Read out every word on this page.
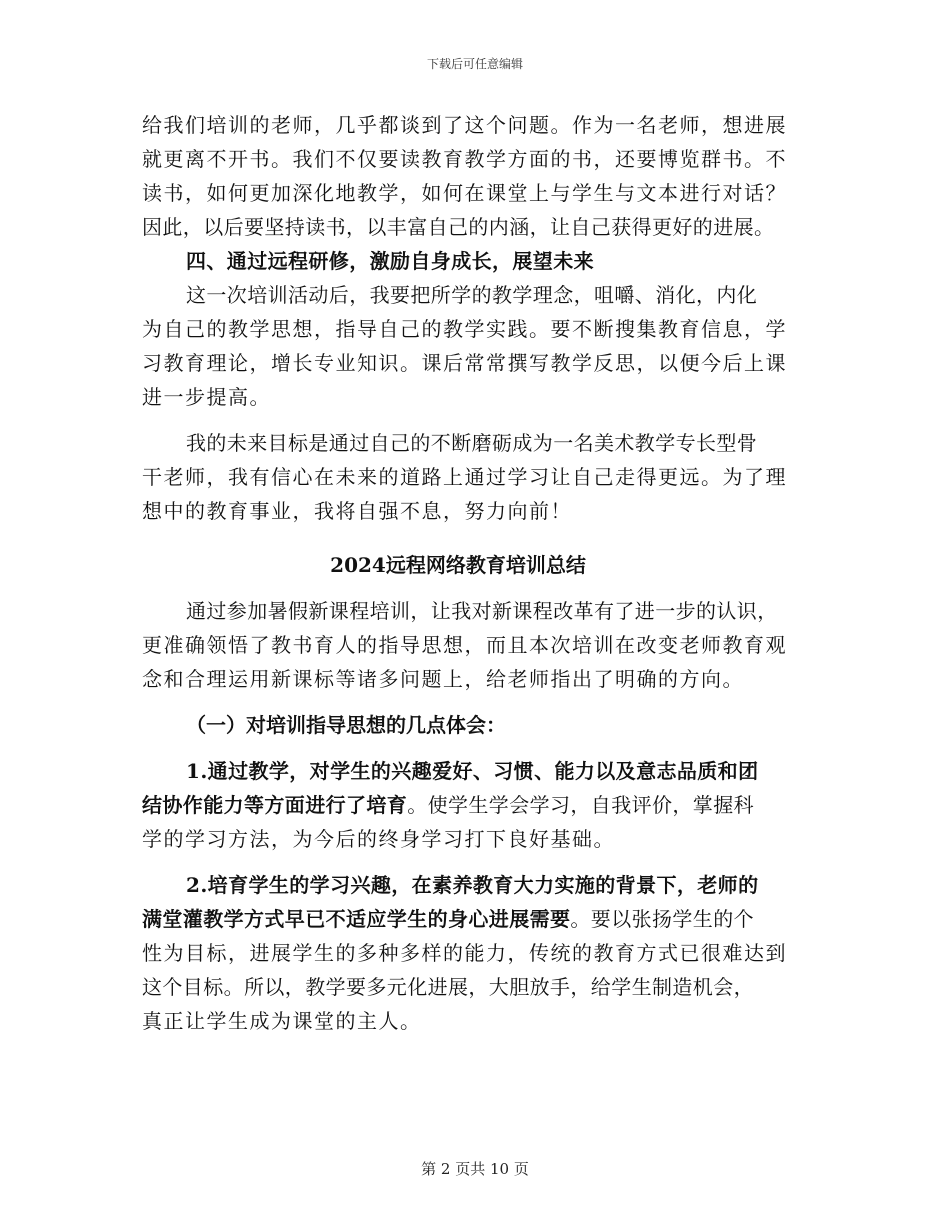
下载后可任意编辑
给我们培训的老师，几乎都谈到了这个问题。作为一名老师，想进展
就更离不开书。我们不仅要读教育教学方面的书，还要博览群书。不
读书，如何更加深化地教学，如何在课堂上与学生与文本进行对话？
因此，以后要坚持读书，以丰富自己的内涵，让自己获得更好的进展。
四、通过远程研修，激励自身成长，展望未来
这一次培训活动后，我要把所学的教学理念，咀嚼、消化，内化
为自己的教学思想，指导自己的教学实践。要不断搜集教育信息，学
习教育理论，增长专业知识。课后常常撰写教学反思，以便今后上课
进一步提高。
我的未来目标是通过自己的不断磨砺成为一名美术教学专长型骨
干老师，我有信心在未来的道路上通过学习让自己走得更远。为了理
想中的教育事业，我将自强不息，努力向前！
2024远程网络教育培训总结
通过参加暑假新课程培训，让我对新课程改革有了进一步的认识，
更准确领悟了教书育人的指导思想，而且本次培训在改变老师教育观
念和合理运用新课标等诸多问题上，给老师指出了明确的方向。
（一）对培训指导思想的几点体会：
1.通过教学，对学生的兴趣爱好、习惯、能力以及意志品质和团
结协作能力等方面进行了培育。使学生学会学习，自我评价，掌握科
学的学习方法，为今后的终身学习打下良好基础。
2.培育学生的学习兴趣，在素养教育大力实施的背景下，老师的
满堂灌教学方式早已不适应学生的身心进展需要。要以张扬学生的个
性为目标，进展学生的多种多样的能力，传统的教育方式已很难达到
这个目标。所以，教学要多元化进展，大胆放手，给学生制造机会，
真正让学生成为课堂的主人。
第 2 页共 10 页
